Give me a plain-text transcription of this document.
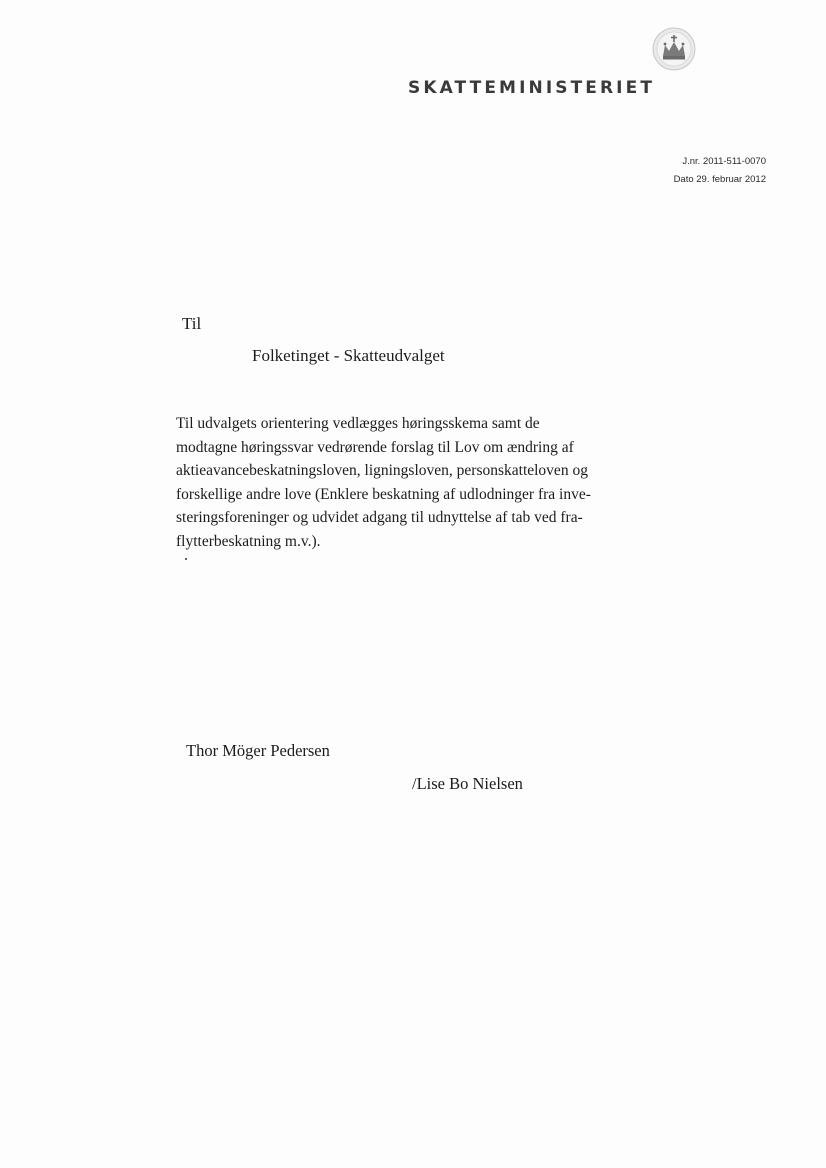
SKATTEMINISTERIET
J.nr. 2011-511-0070
Dato 29. februar 2012
Til
Folketinget - Skatteudvalget
Til udvalgets orientering vedlægges høringsskema samt de
modtagne høringssvar vedrørende forslag til Lov om ændring af
aktieavancebeskatningsloven, ligningsloven, personskatteloven og
forskellige andre love (Enklere beskatning af udlodninger fra inve-
steringsforeninger og udvidet adgang til udnyttelse af tab ved fra-
flytterbeskatning m.v.).
Thor Möger Pedersen
/Lise Bo Nielsen
